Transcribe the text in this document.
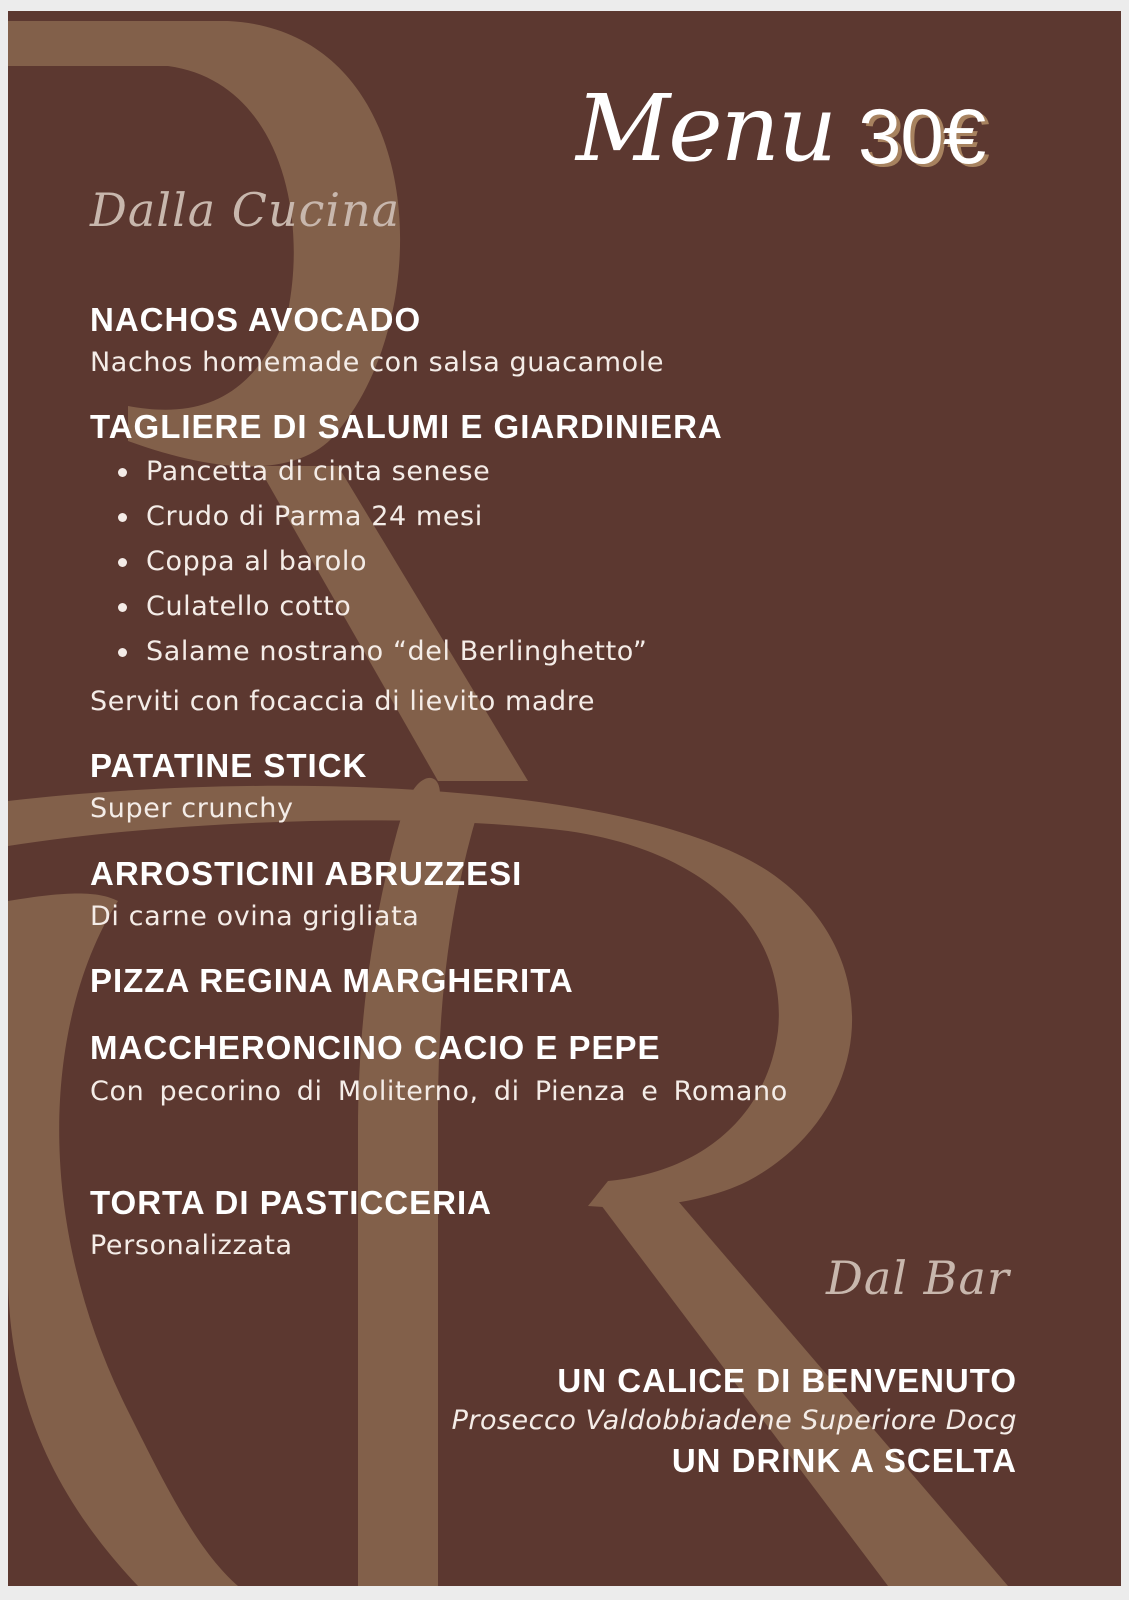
Menu 30€
Dalla Cucina
NACHOS AVOCADO
Nachos homemade con salsa guacamole
TAGLIERE DI SALUMI E GIARDINIERA
Pancetta di cinta senese
Crudo di Parma 24 mesi
Coppa al barolo
Culatello cotto
Salame nostrano “del Berlinghetto”
Serviti con focaccia di lievito madre
PATATINE STICK
Super crunchy
ARROSTICINI ABRUZZESI
Di carne ovina grigliata
PIZZA REGINA MARGHERITA
MACCHERONCINO CACIO E PEPE
Con pecorino di Moliterno, di Pienza e Romano
TORTA DI PASTICCERIA
Personalizzata
Dal Bar
UN CALICE DI BENVENUTO
Prosecco Valdobbiadene Superiore Docg
UN DRINK A SCELTA
